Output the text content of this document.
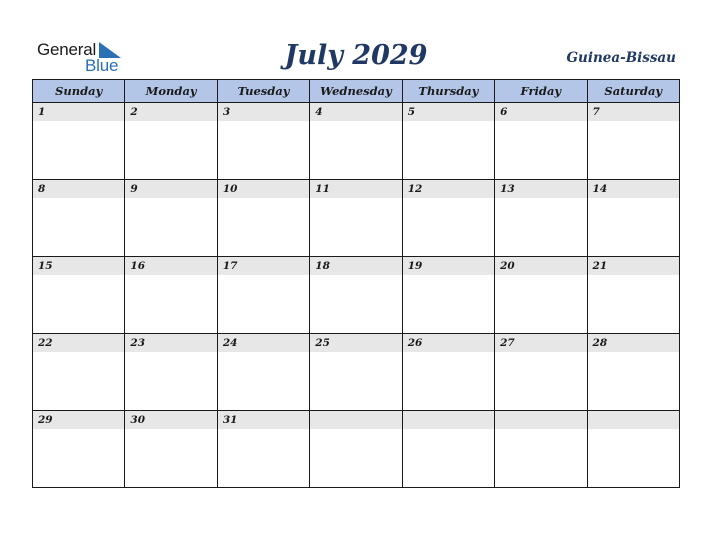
General
Blue	July 2029	Guinea-Bissau
Sunday	Monday	Tuesday	Wednesday	Thursday	Friday	Saturday

1	2	3	4	5	6	7

8	9	10	11	12	13	14

15	16	17	18	19	20	21

22	23	24	25	26	27	28

29	30	31				
